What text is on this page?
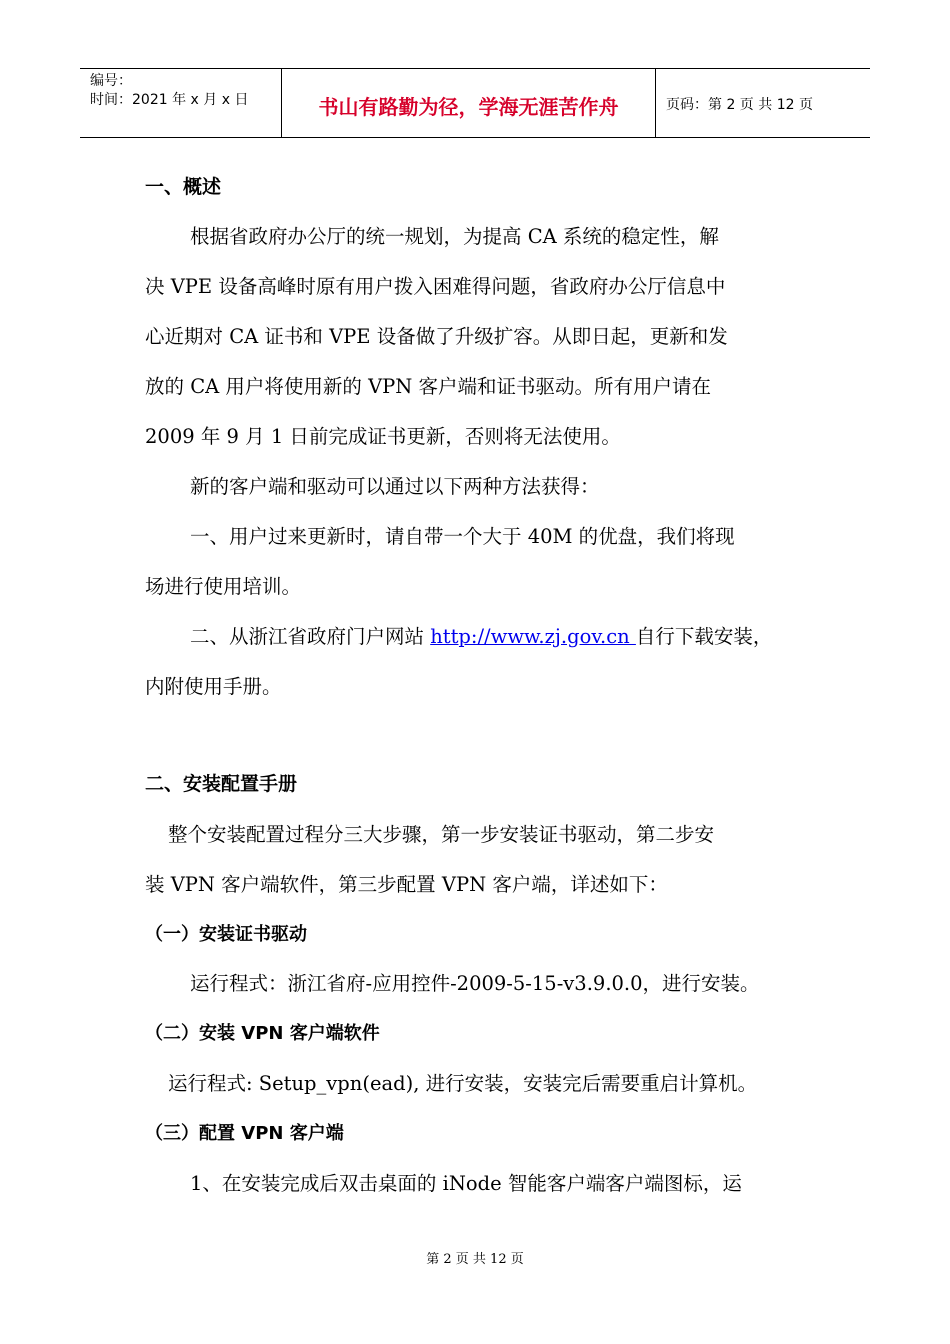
编号：
时间：2021 年 x 月 x 日	书山有路勤为径，学海无涯苦作舟	页码：第 2 页 共 12 页
一、概述
根据省政府办公厅的统一规划，为提高 CA 系统的稳定性，解
决 VPE 设备高峰时原有用户拨入困难得问题，省政府办公厅信息中
心近期对 CA 证书和 VPE 设备做了升级扩容。从即日起，更新和发
放的 CA 用户将使用新的 VPN 客户端和证书驱动。所有用户请在
2009 年 9 月 1 日前完成证书更新，否则将无法使用。
新的客户端和驱动可以通过以下两种方法获得：
一、用户过来更新时，请自带一个大于 40M 的优盘，我们将现
场进行使用培训。
二、从浙江省政府门户网站 http://www.zj.gov.cn 自行下载安装，
内附使用手册。
二、安装配置手册
整个安装配置过程分三大步骤，第一步安装证书驱动，第二步安
装 VPN 客户端软件，第三步配置 VPN 客户端，详述如下：
（一）安装证书驱动
运行程式：浙江省府-应用控件-2009-5-15-v3.9.0.0，进行安装。
（二）安装 VPN 客户端软件
运行程式: Setup_vpn(ead), 进行安装，安装完后需要重启计算机。
（三）配置 VPN 客户端
1、在安装完成后双击桌面的 iNode 智能客户端客户端图标，运
第 2 页 共 12 页
